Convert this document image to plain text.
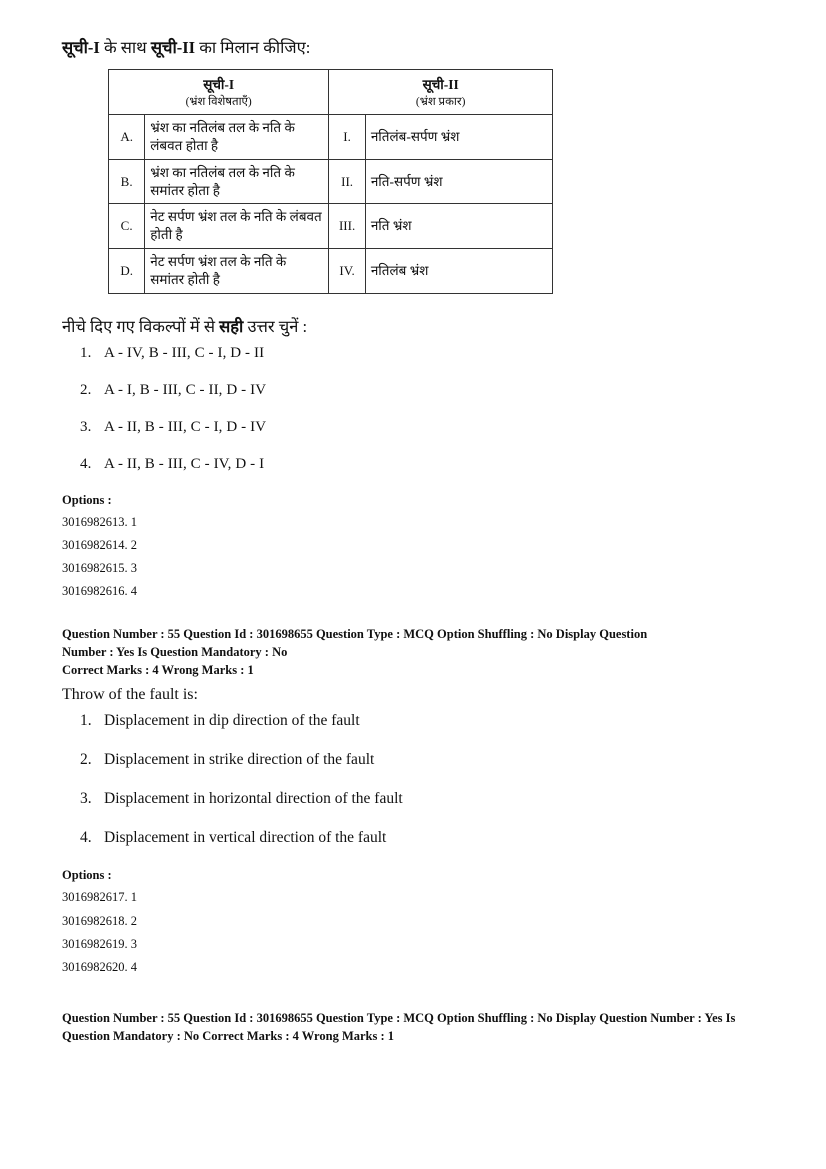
सूची-I के साथ सूची-II का मिलान कीजिए:
सूची-I
(भ्रंश विशेषताएँ)		सूची-II
(भ्रंश प्रकार)	

A.	भ्रंश का नतिलंब तल के नति के लंबवत होता है	I.	नतिलंब-सर्पण भ्रंश
B.	भ्रंश का नतिलंब तल के नति के समांतर होता है	II.	नति-सर्पण भ्रंश
C.	नेट सर्पण भ्रंश तल के नति के लंबवत होती है	III.	नति भ्रंश
D.	नेट सर्पण भ्रंश तल के नति के समांतर होती है	IV.	नतिलंब भ्रंश
नीचे दिए गए विकल्पों में से सही उत्तर चुनें :
1. A - IV, B - III, C - I, D - II
2. A - I, B - III, C - II, D - IV
3. A - II, B - III, C - I, D - IV
4. A - II, B - III, C - IV, D - I
Options :
3016982613. 1
3016982614. 2
3016982615. 3
3016982616. 4
Question Number : 55 Question Id : 301698655 Question Type : MCQ Option Shuffling : No Display Question
Number : Yes Is Question Mandatory : No
Correct Marks : 4 Wrong Marks : 1
Throw of the fault is:
1. Displacement in dip direction of the fault
2. Displacement in strike direction of the fault
3. Displacement in horizontal direction of the fault
4. Displacement in vertical direction of the fault
Options :
3016982617. 1
3016982618. 2
3016982619. 3
3016982620. 4
Question Number : 55 Question Id : 301698655 Question Type : MCQ Option Shuffling : No Display Question Number : Yes Is Question Mandatory : No Correct Marks : 4 Wrong Marks : 1
